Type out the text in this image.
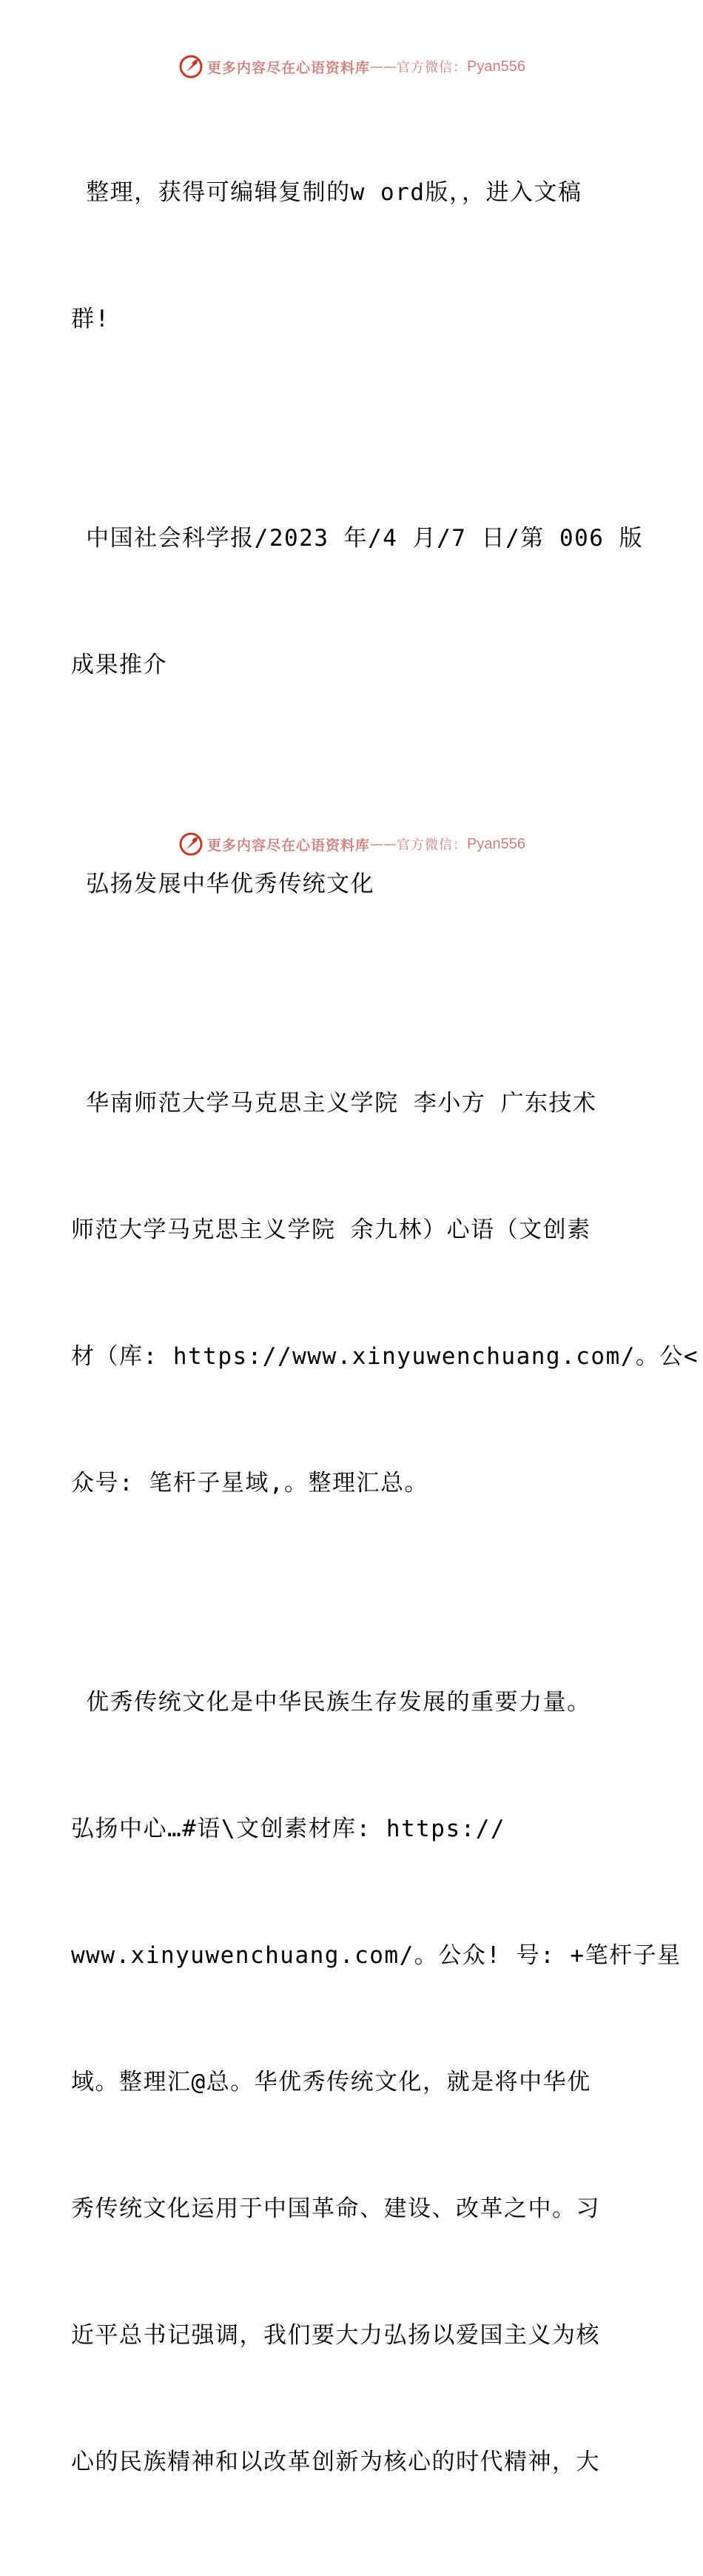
更多内容尽在心语资料库 —— 官方微信： Pyan556

整理，获得可编辑复制的w ord版，，进入文稿

群!

中国社会科学报/2023 年/4 月/7 日/第 006 版

成果推介

弘扬发展中华优秀传统文化

华南师范大学马克思主义学院 李小方 广东技术

师范大学马克思主义学院 余九林）心语（文创素

材（库: https://www.xinyuwenchuang.com/。公<

众号: 笔杆子星域,。整理汇总。

优秀传统文化是中华民族生存发展的重要力量。

弘扬中心…#语\文创素材库: https://

www.xinyuwenchuang.com/。公众! 号: +笔杆子星

域。整理汇@总。华优秀传统文化，就是将中华优

秀传统文化运用于中国革命、建设、改革之中。习

近平总书记强调，我们要大力弘扬以爱国主义为核

心的民族精神和以改革创新为核心的时代精神，大

更多内容尽在心语资料库 —— 官方微信： Pyan556
